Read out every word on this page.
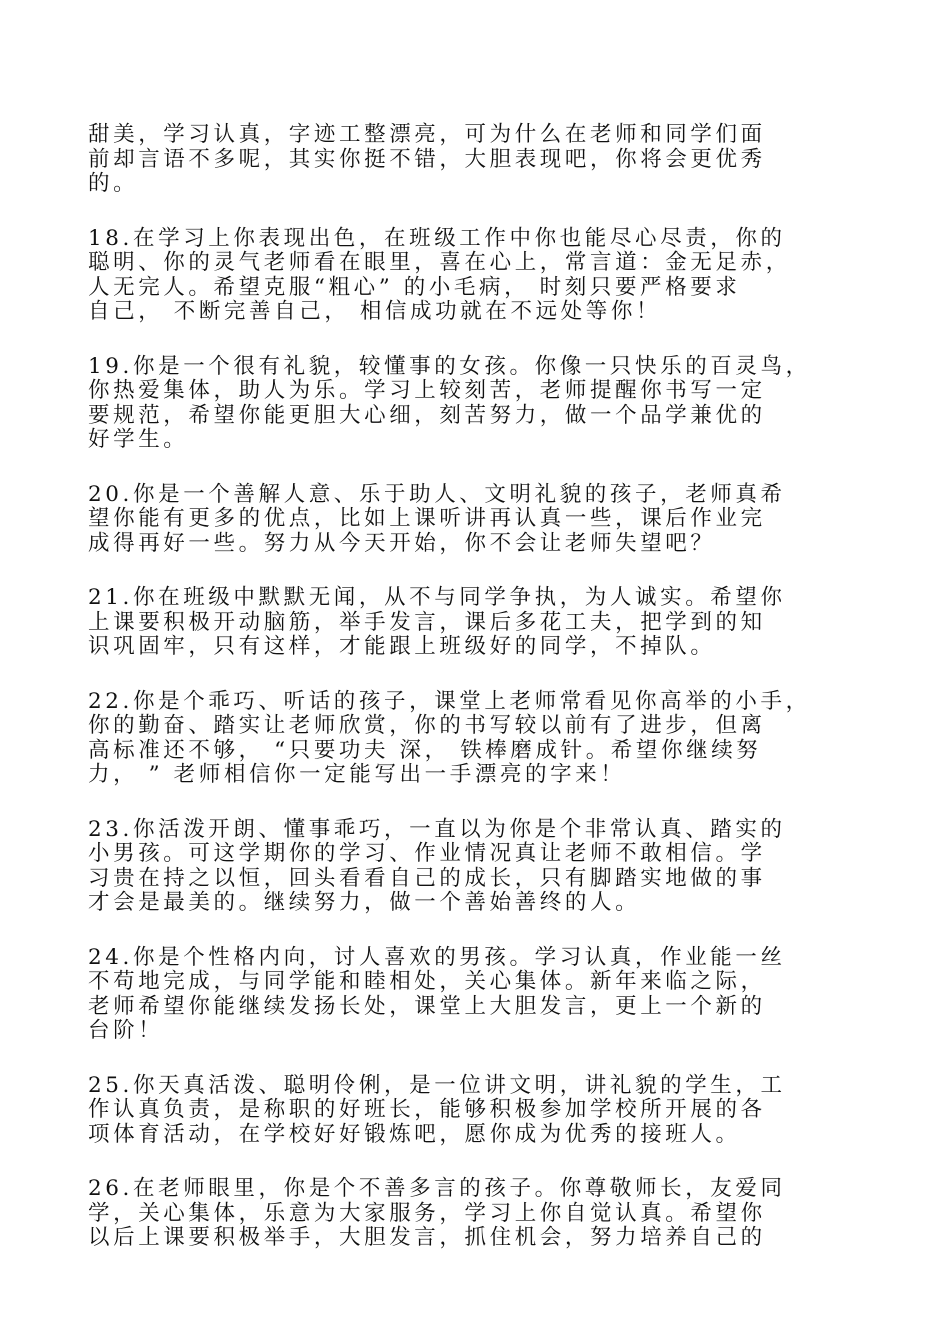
甜美，学习认真，字迹工整漂亮，可为什么在老师和同学们面
前却言语不多呢，其实你挺不错，大胆表现吧，你将会更优秀
的。
18.在学习上你表现出色，在班级工作中你也能尽心尽责，你的
聪明、你的灵气老师看在眼里，喜在心上，常言道：金无足赤，
人无完人。希望克服“粗心” 的小毛病， 时刻只要严格要求
自己， 不断完善自己， 相信成功就在不远处等你！
19.你是一个很有礼貌，较懂事的女孩。你像一只快乐的百灵鸟，
你热爱集体，助人为乐。学习上较刻苦，老师提醒你书写一定
要规范，希望你能更胆大心细，刻苦努力，做一个品学兼优的
好学生。
20.你是一个善解人意、乐于助人、文明礼貌的孩子，老师真希
望你能有更多的优点，比如上课听讲再认真一些，课后作业完
成得再好一些。努力从今天开始，你不会让老师失望吧？
21.你在班级中默默无闻，从不与同学争执，为人诚实。希望你
上课要积极开动脑筋，举手发言，课后多花工夫，把学到的知
识巩固牢，只有这样，才能跟上班级好的同学，不掉队。
22.你是个乖巧、听话的孩子，课堂上老师常看见你高举的小手，
你的勤奋、踏实让老师欣赏，你的书写较以前有了进步，但离
高标准还不够， “只要功夫 深， 铁棒磨成针。希望你继续努
力， ” 老师相信你一定能写出一手漂亮的字来！
23.你活泼开朗、懂事乖巧，一直以为你是个非常认真、踏实的
小男孩。可这学期你的学习、作业情况真让老师不敢相信。学
习贵在持之以恒，回头看看自己的成长，只有脚踏实地做的事
才会是最美的。继续努力，做一个善始善终的人。
24.你是个性格内向，讨人喜欢的男孩。学习认真，作业能一丝
不苟地完成，与同学能和睦相处，关心集体。新年来临之际，
老师希望你能继续发扬长处，课堂上大胆发言，更上一个新的
台阶！
25.你天真活泼、聪明伶俐，是一位讲文明，讲礼貌的学生，工
作认真负责，是称职的好班长，能够积极参加学校所开展的各
项体育活动，在学校好好锻炼吧，愿你成为优秀的接班人。
26.在老师眼里，你是个不善多言的孩子。你尊敬师长，友爱同
学，关心集体，乐意为大家服务，学习上你自觉认真。希望你
以后上课要积极举手，大胆发言，抓住机会，努力培养自己的
